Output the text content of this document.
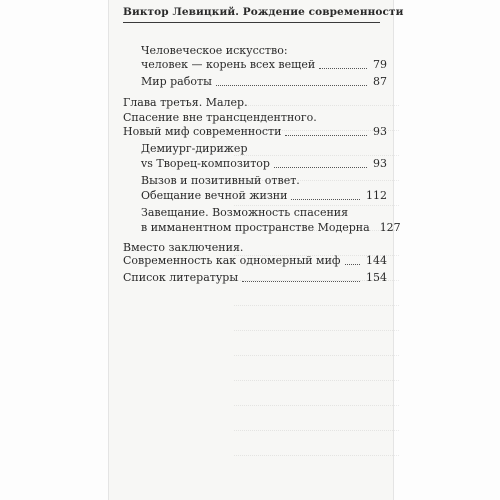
Виктор Левицкий. Рождение современности
Человеческое искусство:
человек — корень всех вещей	79
Мир работы	87
Глава третья. Малер.
Спасение вне трансцендентного.
Новый миф современности	93
Демиург-дирижер
vs Творец-композитор	93
Вызов и позитивный ответ.
Обещание вечной жизни	112
Завещание. Возможность спасения
в имманентном пространстве Модерна 127
Вместо заключения.
Современность как одномерный миф 144
Список литературы	154
